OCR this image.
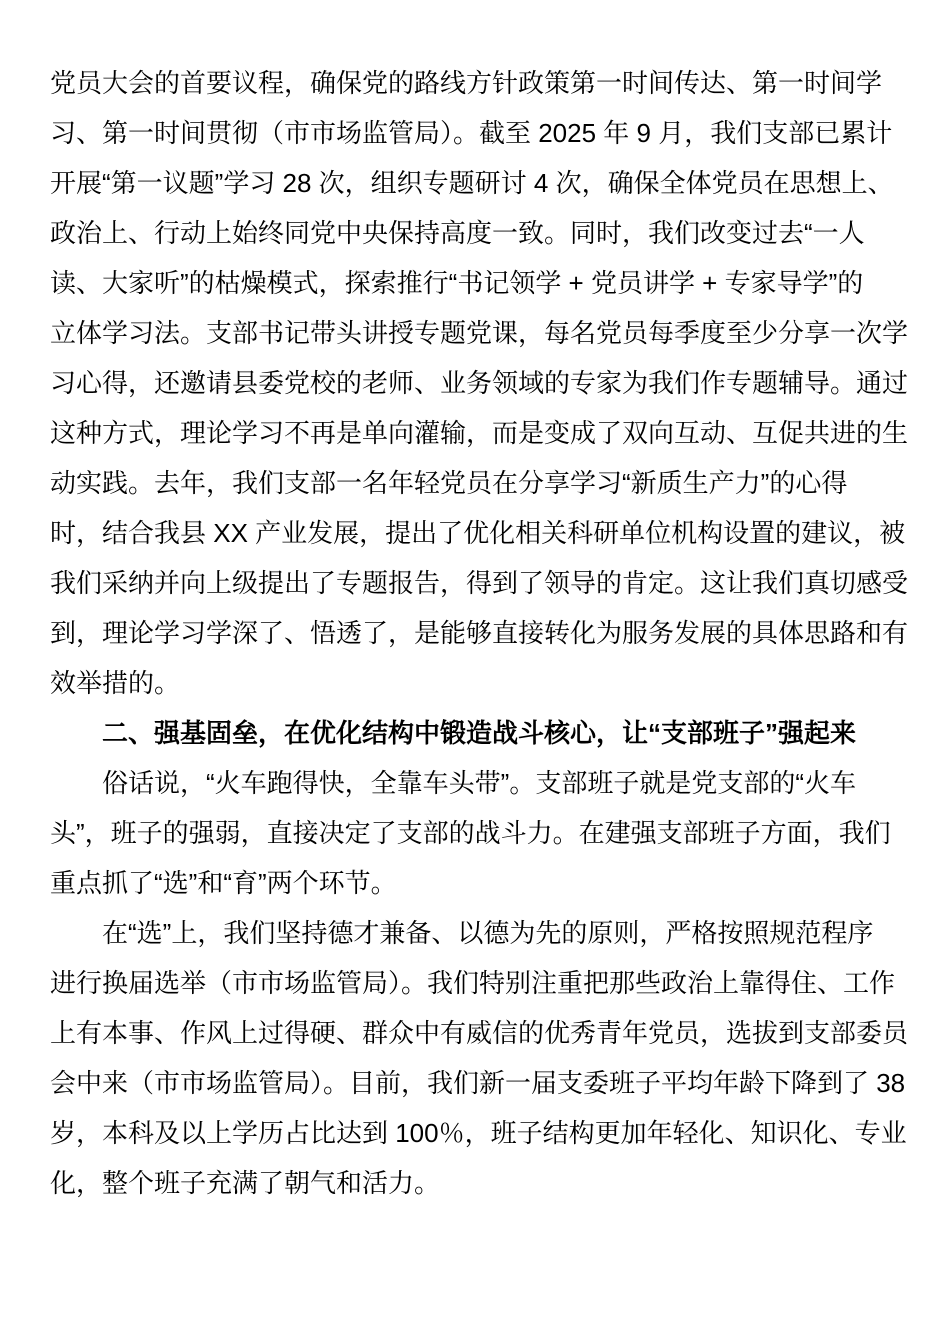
党员大会的首要议程，确保党的路线方针政策第一时间传达、第一时间学
习、第一时间贯彻（市市场监管局）。截至 2025 年 9 月，我们支部已累计
开展“第一议题”学习 28 次，组织专题研讨 4 次，确保全体党员在思想上、
政治上、行动上始终同党中央保持高度一致。同时，我们改变过去“一人
读、大家听”的枯燥模式，探索推行“书记领学 + 党员讲学 + 专家导学”的
立体学习法。支部书记带头讲授专题党课，每名党员每季度至少分享一次学
习心得，还邀请县委党校的老师、业务领域的专家为我们作专题辅导。通过
这种方式，理论学习不再是单向灌输，而是变成了双向互动、互促共进的生
动实践。去年，我们支部一名年轻党员在分享学习“新质生产力”的心得
时，结合我县 XX 产业发展，提出了优化相关科研单位机构设置的建议，被
我们采纳并向上级提出了专题报告，得到了领导的肯定。这让我们真切感受
到，理论学习学深了、悟透了，是能够直接转化为服务发展的具体思路和有
效举措的。
二、强基固垒，在优化结构中锻造战斗核心，让“支部班子”强起来
俗话说，“火车跑得快，全靠车头带”。支部班子就是党支部的“火车
头”，班子的强弱，直接决定了支部的战斗力。在建强支部班子方面，我们
重点抓了“选”和“育”两个环节。
在“选”上，我们坚持德才兼备、以德为先的原则，严格按照规范程序
进行换届选举（市市场监管局）。我们特别注重把那些政治上靠得住、工作
上有本事、作风上过得硬、群众中有威信的优秀青年党员，选拔到支部委员
会中来（市市场监管局）。目前，我们新一届支委班子平均年龄下降到了 38
岁，本科及以上学历占比达到 100％，班子结构更加年轻化、知识化、专业
化，整个班子充满了朝气和活力。
